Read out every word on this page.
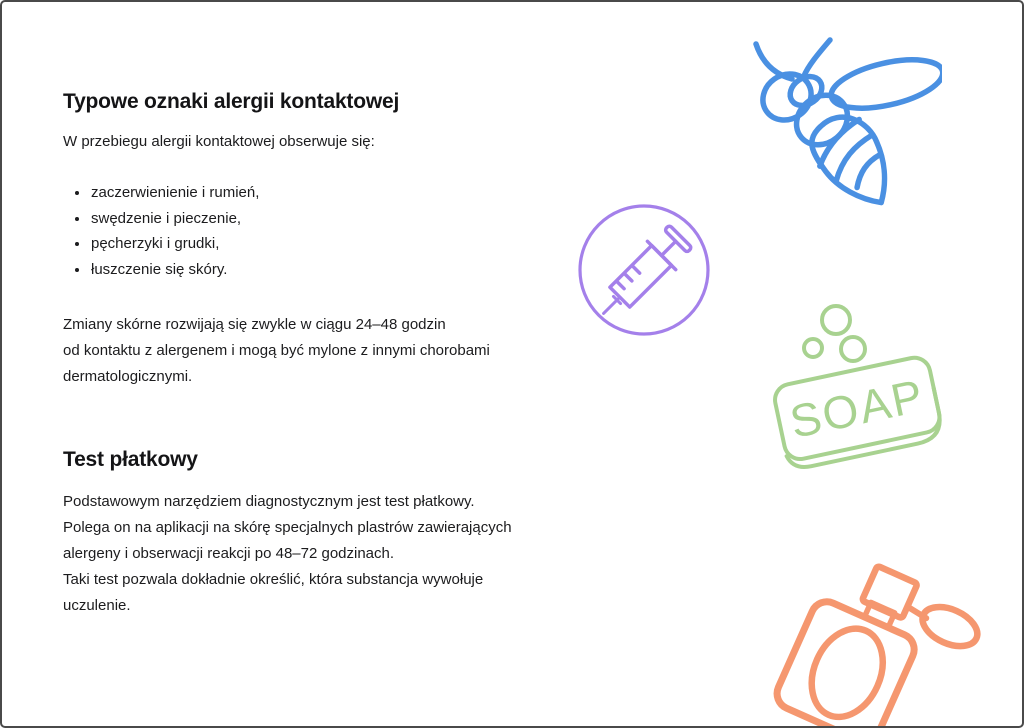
Typowe oznaki alergii kontaktowej
W przebiegu alergii kontaktowej obserwuje się:
• zaczerwienienie i rumień,
• swędzenie i pieczenie,
• pęcherzyki i grudki,
• łuszczenie się skóry.
Zmiany skórne rozwijają się zwykle w ciągu 24–48 godzin
od kontaktu z alergenem i mogą być mylone z innymi chorobami
dermatologicznymi.
Test płatkowy
Podstawowym narzędziem diagnostycznym jest test płatkowy.
Polega on na aplikacji na skórę specjalnych plastrów zawierających
alergeny i obserwacji reakcji po 48–72 godzinach.
Taki test pozwala dokładnie określić, która substancja wywołuje
uczulenie.
SOAP
